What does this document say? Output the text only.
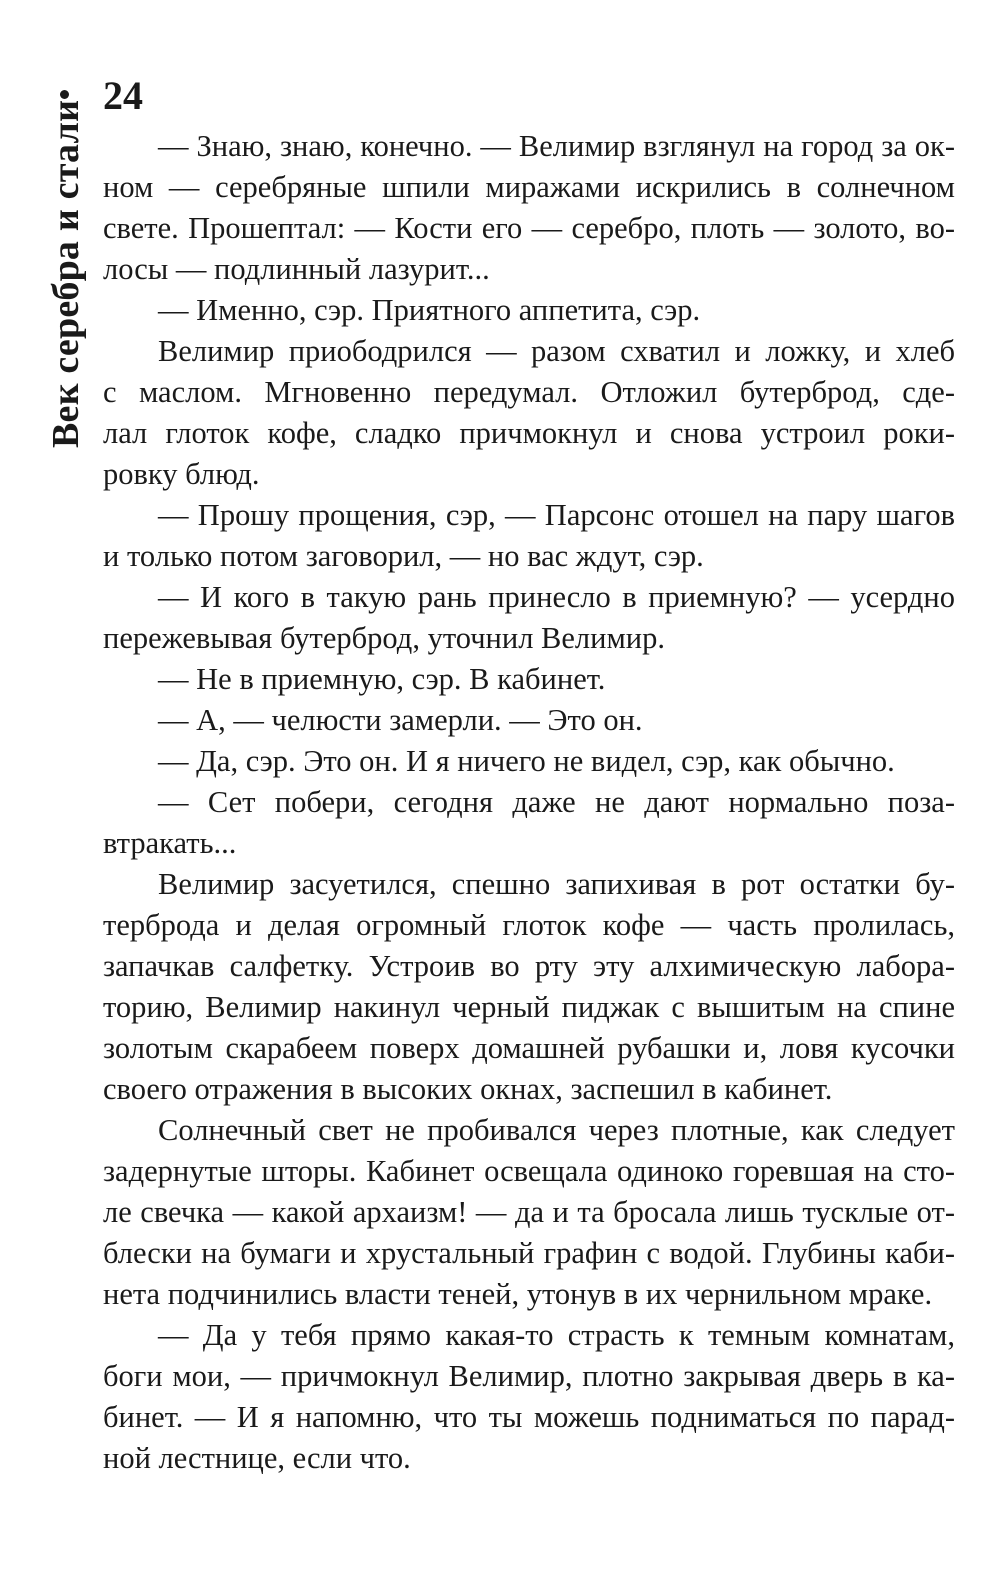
Век серебра и стали
24
— Знаю, знаю, конечно. — Велимир взглянул на город за ок-
ном — серебряные шпили миражами искрились в солнечном
свете. Прошептал: — Кости его — серебро, плоть — золото, во-
лосы — подлинный лазурит...
— Именно, сэр. Приятного аппетита, сэр.
Велимир приободрился — разом схватил и ложку, и хлеб
с маслом. Мгновенно передумал. Отложил бутерброд, сде-
лал глоток кофе, сладко причмокнул и снова устроил роки-
ровку блюд.
— Прошу прощения, сэр, — Парсонс отошел на пару шагов
и только потом заговорил, — но вас ждут, сэр.
— И кого в такую рань принесло в приемную? — усердно
пережевывая бутерброд, уточнил Велимир.
— Не в приемную, сэр. В кабинет.
— А, — челюсти замерли. — Это он.
— Да, сэр. Это он. И я ничего не видел, сэр, как обычно.
— Сет побери, сегодня даже не дают нормально поза-
втракать...
Велимир засуетился, спешно запихивая в рот остатки бу-
терброда и делая огромный глоток кофе — часть пролилась,
запачкав салфетку. Устроив во рту эту алхимическую лабора-
торию, Велимир накинул черный пиджак с вышитым на спине
золотым скарабеем поверх домашней рубашки и, ловя кусочки
своего отражения в высоких окнах, заспешил в кабинет.
Солнечный свет не пробивался через плотные, как следует
задернутые шторы. Кабинет освещала одиноко горевшая на сто-
ле свечка — какой архаизм! — да и та бросала лишь тусклые от-
блески на бумаги и хрустальный графин с водой. Глубины каби-
нета подчинились власти теней, утонув в их чернильном мраке.
— Да у тебя прямо какая-то страсть к темным комнатам,
боги мои, — причмокнул Велимир, плотно закрывая дверь в ка-
бинет. — И я напомню, что ты можешь подниматься по парад-
ной лестнице, если что.
